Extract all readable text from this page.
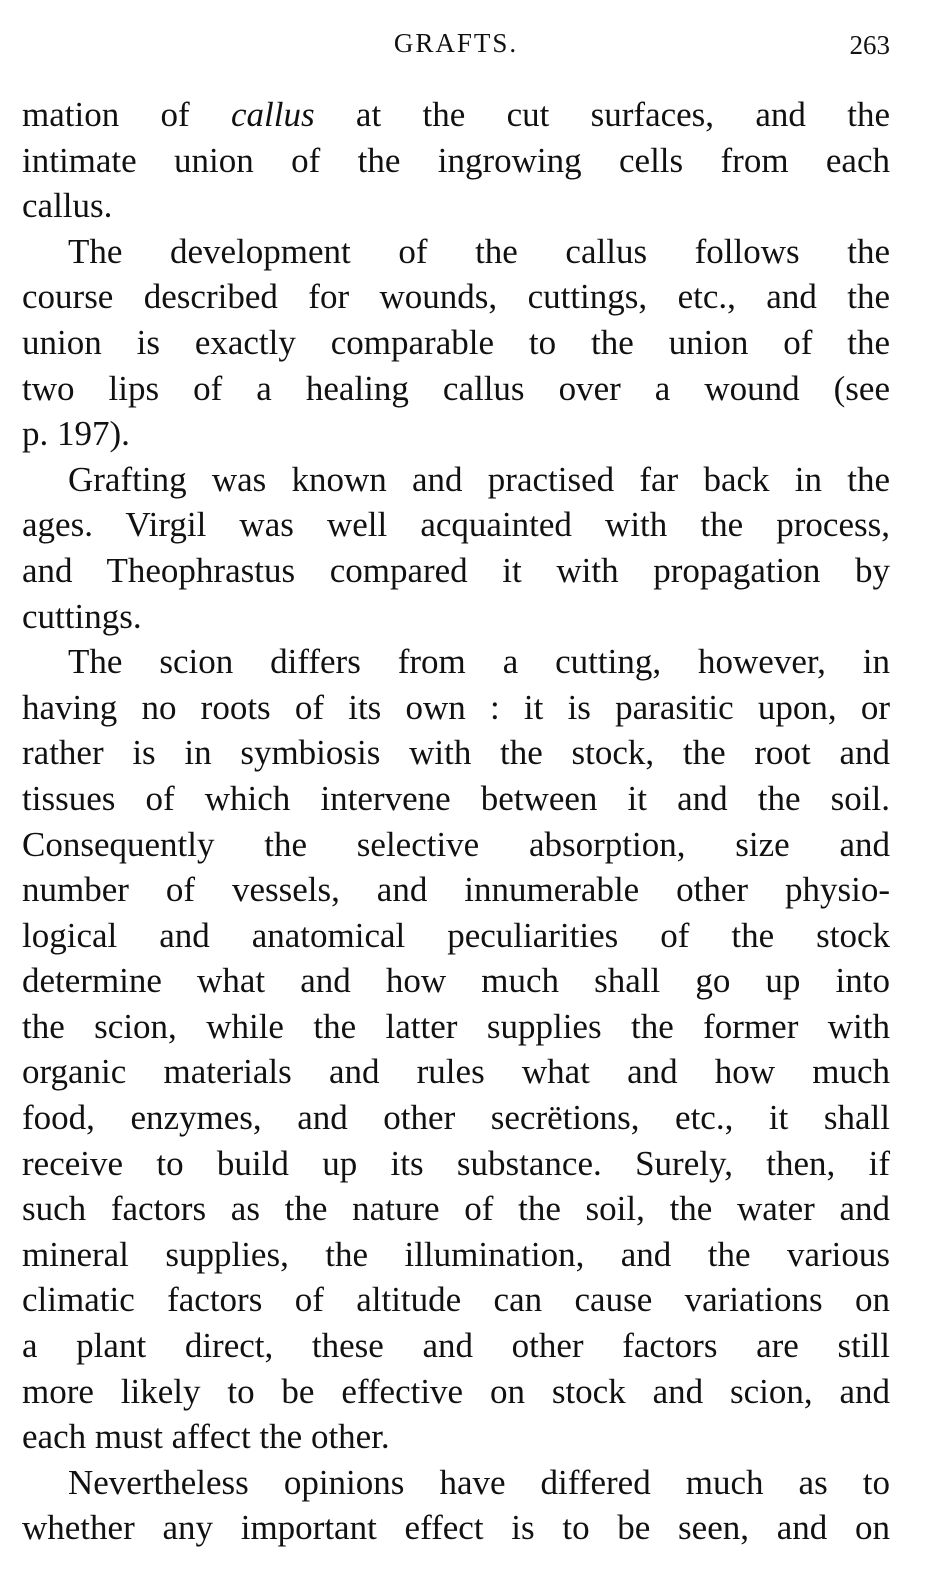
GRAFTS.	263
mation of callus at the cut surfaces, and the
intimate union of the ingrowing cells from each
callus.
The development of the callus follows the
course described for wounds, cuttings, etc., and the
union is exactly comparable to the union of the
two lips of a healing callus over a wound (see
p. 197).
Grafting was known and practised far back in the
ages. Virgil was well acquainted with the process,
and Theophrastus compared it with propagation by
cuttings.
The scion differs from a cutting, however, in
having no roots of its own : it is parasitic upon, or
rather is in symbiosis with the stock, the root and
tissues of which intervene between it and the soil.
Consequently the selective absorption, size and
number of vessels, and innumerable other physio-
logical and anatomical peculiarities of the stock
determine what and how much shall go up into
the scion, while the latter supplies the former with
organic materials and rules what and how much
food, enzymes, and other secrëtions, etc., it shall
receive to build up its substance. Surely, then, if
such factors as the nature of the soil, the water and
mineral supplies, the illumination, and the various
climatic factors of altitude can cause variations on
a plant direct, these and other factors are still
more likely to be effective on stock and scion, and
each must affect the other.
Nevertheless opinions have differed much as to
whether any important effect is to be seen, and on
